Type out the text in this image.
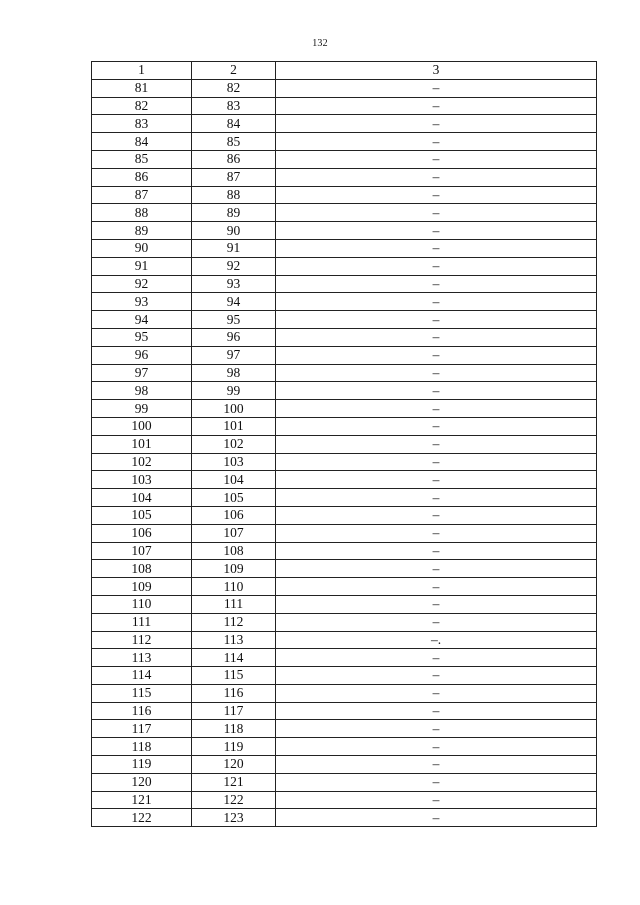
132
1	2	3
81	82	–
82	83	–
83	84	–
84	85	–
85	86	–
86	87	–
87	88	–
88	89	–
89	90	–
90	91	–
91	92	–
92	93	–
93	94	–
94	95	–
95	96	–
96	97	–
97	98	–
98	99	–
99	100	–
100	101	–
101	102	–
102	103	–
103	104	–
104	105	–
105	106	–
106	107	–
107	108	–
108	109	–
109	110	–
110	111	–
111	112	–
112	113	–.
113	114	–
114	115	–
115	116	–
116	117	–
117	118	–
118	119	–
119	120	–
120	121	–
121	122	–
122	123	–
